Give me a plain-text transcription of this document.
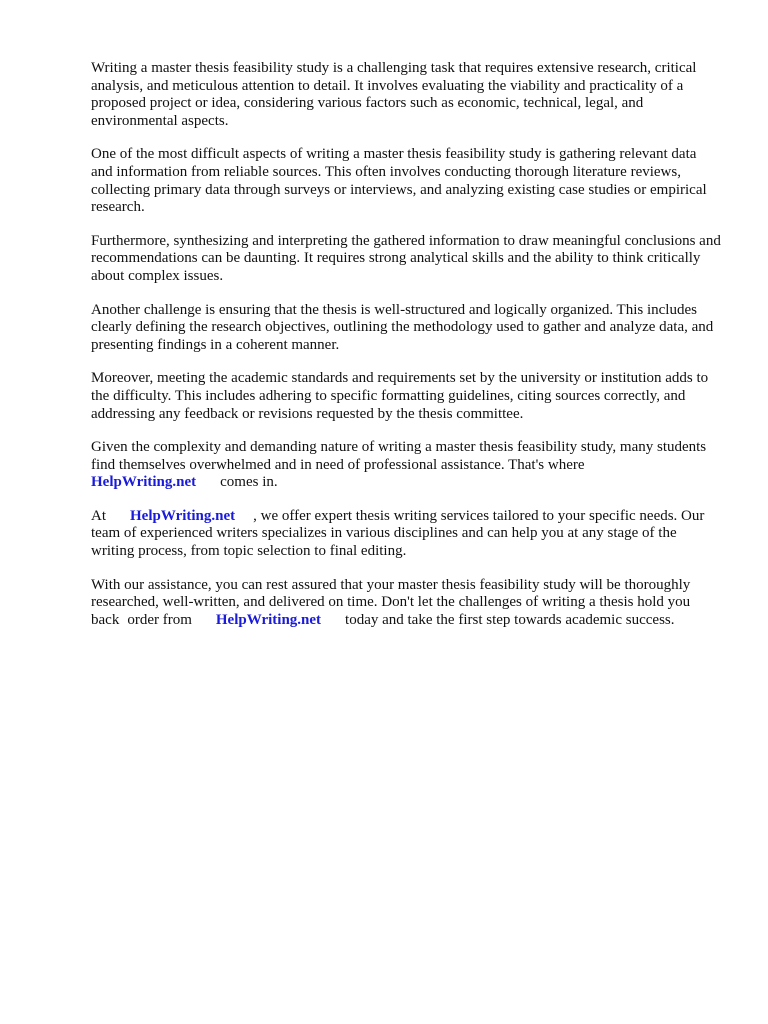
Writing a master thesis feasibility study is a challenging task that requires extensive research, critical analysis, and meticulous attention to detail. It involves evaluating the viability and practicality of a proposed project or idea, considering various factors such as economic, technical, legal, and environmental aspects.

One of the most difficult aspects of writing a master thesis feasibility study is gathering relevant data and information from reliable sources. This often involves conducting thorough literature reviews, collecting primary data through surveys or interviews, and analyzing existing case studies or empirical research.

Furthermore, synthesizing and interpreting the gathered information to draw meaningful conclusions and recommendations can be daunting. It requires strong analytical skills and the ability to think critically about complex issues.

Another challenge is ensuring that the thesis is well-structured and logically organized. This includes clearly defining the research objectives, outlining the methodology used to gather and analyze data, and presenting findings in a coherent manner.

Moreover, meeting the academic standards and requirements set by the university or institution adds to the difficulty. This includes adhering to specific formatting guidelines, citing sources correctly, and addressing any feedback or revisions requested by the thesis committee.

Given the complexity and demanding nature of writing a master thesis feasibility study, many students find themselves overwhelmed and in need of professional assistance. That's where
HelpWriting.net comes in.

At HelpWriting.net , we offer expert thesis writing services tailored to your specific needs. Our team of experienced writers specializes in various disciplines and can help you at any stage of the writing process, from topic selection to final editing.

With our assistance, you can rest assured that your master thesis feasibility study will be thoroughly researched, well-written, and delivered on time. Don't let the challenges of writing a thesis hold you back order from HelpWriting.net today and take the first step towards academic success.
